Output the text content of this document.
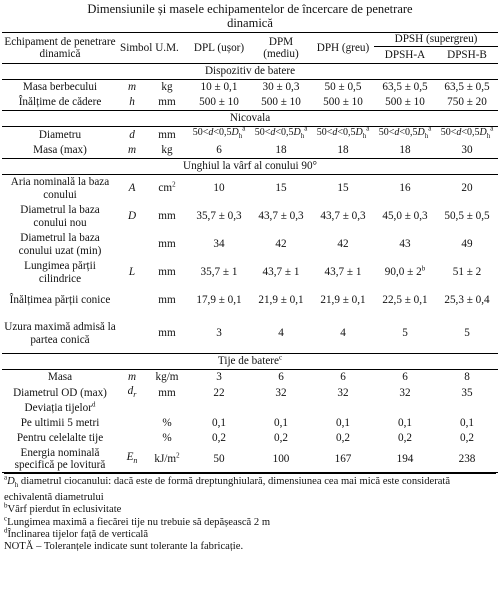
Dimensiunile și masele echipamentelor de încercare de penetrare
dinamică
Echipament de penetrare dinamică	Simbol	U.M.	DPL (ușor)	DPM (mediu)	DPH (greu)	DPSH (supergreu)	
						DPSH-A	DPSH-B
Dispozitiv de batere							
Masa berbecului	m	kg	10 ± 0,1	30 ± 0,3	50 ± 0,5	63,5 ± 0,5	63,5 ± 0,5
Înălțime de cădere	h	mm	500 ± 10	500 ± 10	500 ± 10	500 ± 10	750 ± 20
Nicovala							
Diametru	d	mm	$50<d<0,5D_h^a$	$50<d<0,5D_h^a$	$50<d<0,5D_h^a$	$50<d<0,5D_h^a$	$50<d<0,5D_h^a$
Masa (max)	m	kg	6	18	18	18	30
Unghiul la vârf al conului 90°							
Aria nominală la baza conului	A	$cm^2$	10	15	15	16	20
Diametrul la baza conului nou	D	mm	35,7 ± 0,3	43,7 ± 0,3	43,7 ± 0,3	45,0 ± 0,3	50,5 ± 0,5
Diametrul la baza conului uzat (min)		mm	34	42	42	43	49
Lungimea părții cilindrice	L	mm	35,7 ± 1	43,7 ± 1	43,7 ± 1	$90,0 \pm 2^b$	51 ± 2
Înălțimea părții conice		mm	17,9 ± 0,1	21,9 ± 0,1	21,9 ± 0,1	22,5 ± 0,1	25,3 ± 0,4
Uzura maximă admisă la partea conică		mm	3	4	4	5	5
Tije de batere$^c$
Masa	m	kg/m	3	6	6	6	8
Diametrul OD (max)	$d_r$	mm	22	32	32	32	35
Deviația tijelor$^d$							
Pe ultimii 5 metri		%	0,1	0,1	0,1	0,1	0,1
Pentru celelalte tije		%	0,2	0,2	0,2	0,2	0,2
Energia nominală specifică pe lovitură	$E_n$	$kJ/m^2$	50	100	167	194	238
$^aD_h$ diametrul ciocanului: dacă este de formă dreptunghiulară, dimensiunea cea mai mică este considerată
echivalentă diametrului
$^b$Vârf pierdut în eclusivitate
$^c$Lungimea maximă a fiecărei tije nu trebuie să depășească 2 m
$^d$Înclinarea tijelor față de verticală
NOTĂ – Toleranțele indicate sunt tolerante la fabricație.
